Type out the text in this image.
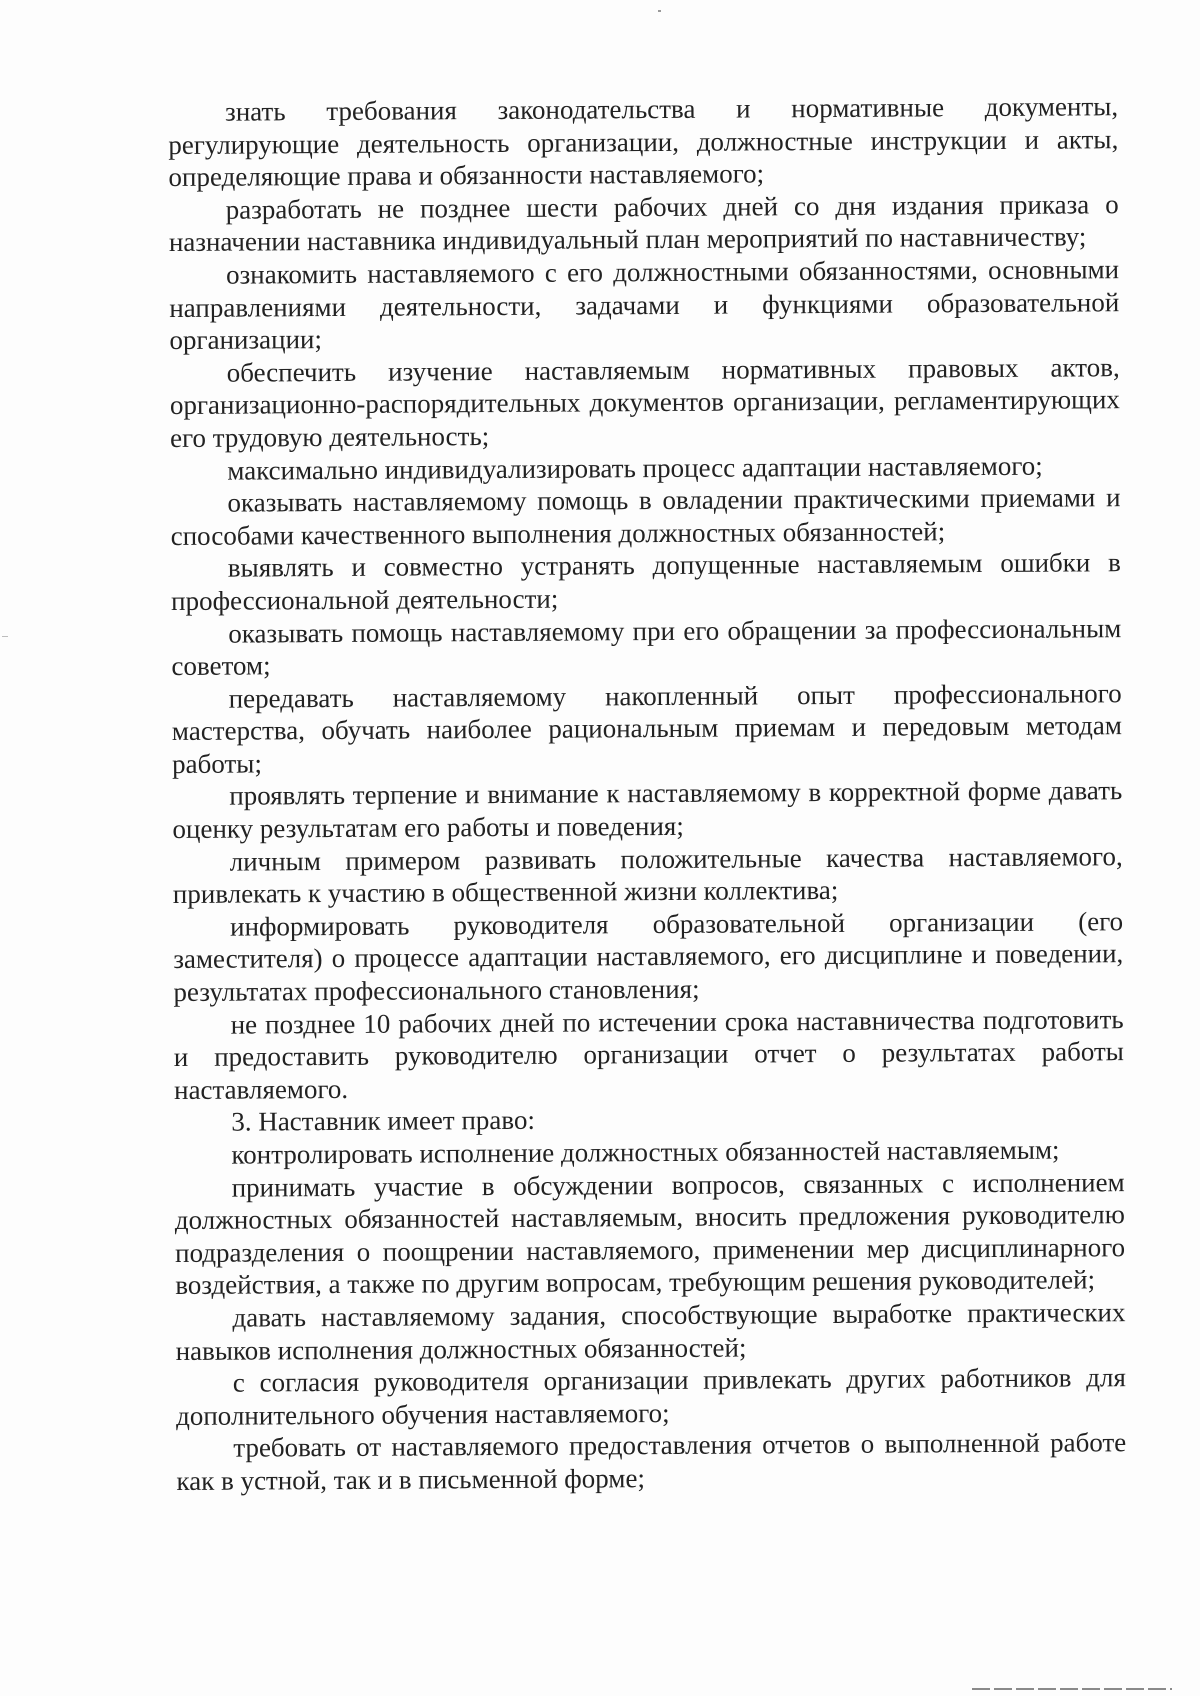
знать требования законодательства и нормативные документы, регулирующие деятельность организации, должностные инструкции и акты, определяющие права и обязанности наставляемого;

разработать не позднее шести рабочих дней со дня издания приказа о назначении наставника индивидуальный план мероприятий по наставничеству;

ознакомить наставляемого с его должностными обязанностями, основными направлениями деятельности, задачами и функциями образовательной организации;

обеспечить изучение наставляемым нормативных правовых актов, организационно-распорядительных документов организации, регламентирующих его трудовую деятельность;

максимально индивидуализировать процесс адаптации наставляемого;

оказывать наставляемому помощь в овладении практическими приемами и способами качественного выполнения должностных обязанностей;

выявлять и совместно устранять допущенные наставляемым ошибки в профессиональной деятельности;

оказывать помощь наставляемому при его обращении за профессиональным советом;

передавать наставляемому накопленный опыт профессионального мастерства, обучать наиболее рациональным приемам и передовым методам работы;

проявлять терпение и внимание к наставляемому в корректной форме давать оценку результатам его работы и поведения;

личным примером развивать положительные качества наставляемого, привлекать к участию в общественной жизни коллектива;

информировать руководителя образовательной организации (его заместителя) о процессе адаптации наставляемого, его дисциплине и поведении, результатах профессионального становления;

не позднее 10 рабочих дней по истечении срока наставничества подготовить и предоставить руководителю организации отчет о результатах работы наставляемого.

3. Наставник имеет право:

контролировать исполнение должностных обязанностей наставляемым;

принимать участие в обсуждении вопросов, связанных с исполнением должностных обязанностей наставляемым, вносить предложения руководителю подразделения о поощрении наставляемого, применении мер дисциплинарного воздействия, а также по другим вопросам, требующим решения руководителей;

давать наставляемому задания, способствующие выработке практических навыков исполнения должностных обязанностей;

с согласия руководителя организации привлекать других работников для дополнительного обучения наставляемого;

требовать от наставляемого предоставления отчетов о выполненной работе как в устной, так и в письменной форме;
